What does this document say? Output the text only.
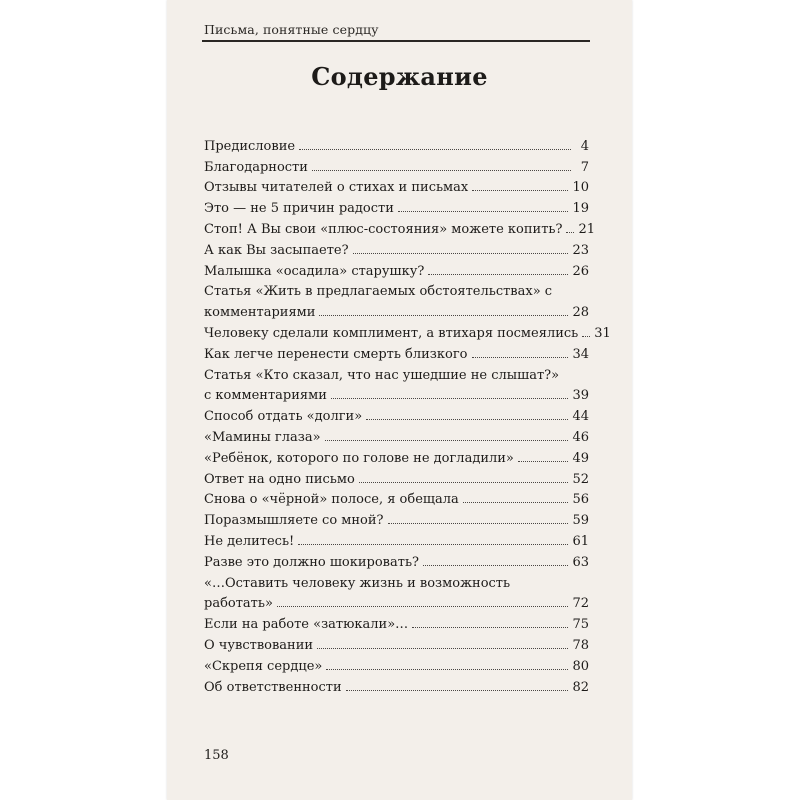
Письма, понятные сердцу
Содержание
Предисловие	4
Благодарности	7
Отзывы читателей о стихах и письмах	10
Это — не 5 причин радости	19
Стоп! А Вы свои «плюс-состояния» можете копить? 21
А как Вы засыпаете?	23
Малышка «осадила» старушку?	26
Статья «Жить в предлагаемых обстоятельствах» с
комментариями	28
Человеку сделали комплимент, а втихаря посмеялись 31
Как легче перенести смерть близкого	34
Статья «Кто сказал, что нас ушедшие не слышат?»
с комментариями	39
Способ отдать «долги»	44
«Мамины глаза»	46
«Ребёнок, которого по голове не догладили»	49
Ответ на одно письмо	52
Снова о «чёрной» полосе, я обещала	56
Поразмышляете со мной?	59
Не делитесь!	61
Разве это должно шокировать?	63
«…Оставить человеку жизнь и возможность
работать»	72
Если на работе «затюкали»…	75
О чувствовании	78
«Скрепя сердце»	80
Об ответственности	82
158
